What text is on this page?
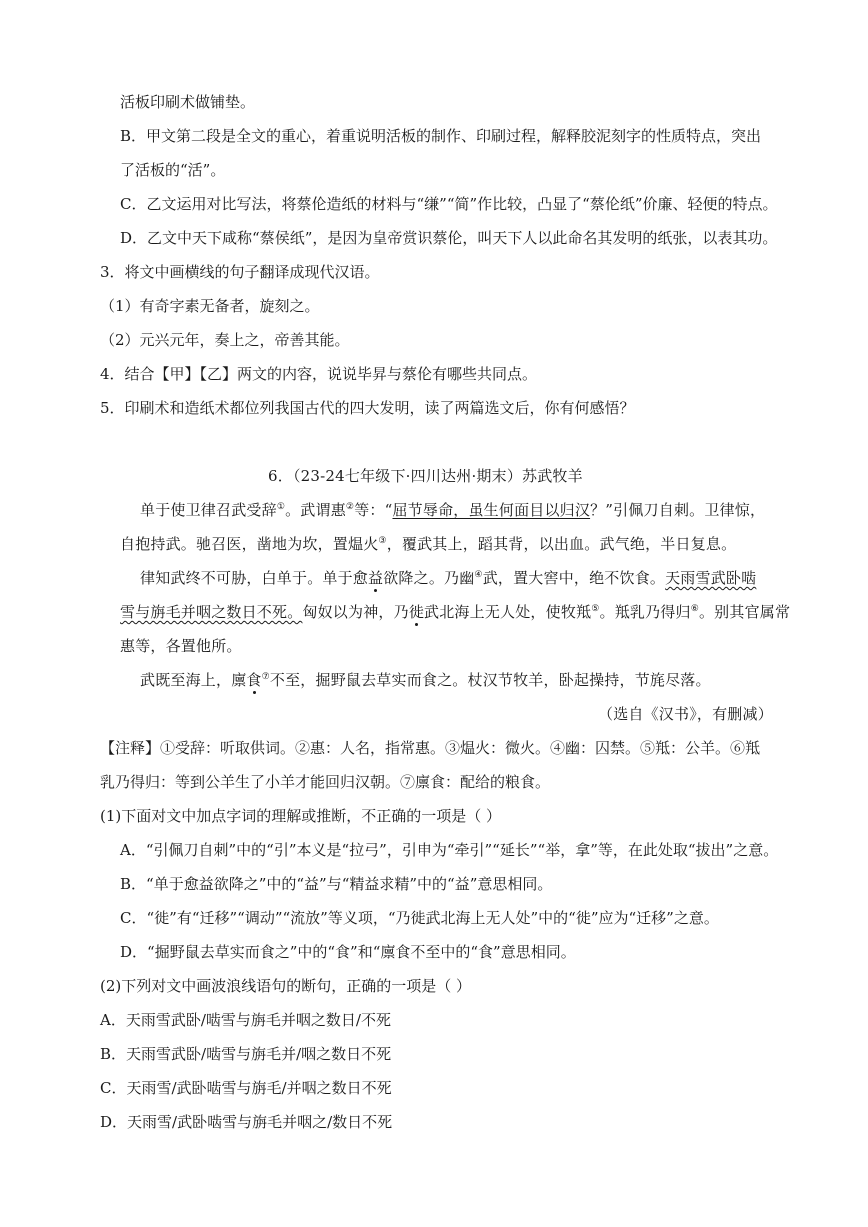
活板印刷术做铺垫。
B．甲文第二段是全文的重心，着重说明活板的制作、印刷过程，解释胶泥刻字的性质特点，突出
了活板的“活”。
C．乙文运用对比写法，将蔡伦造纸的材料与“缣”“简”作比较，凸显了“蔡伦纸”价廉、轻便的特点。
D．乙文中天下咸称“蔡侯纸”，是因为皇帝赏识蔡伦，叫天下人以此命名其发明的纸张，以表其功。
3．将文中画横线的句子翻译成现代汉语。
（1）有奇字素无备者，旋刻之。
（2）元兴元年，奏上之，帝善其能。
4．结合【甲】【乙】两文的内容，说说毕昇与蔡伦有哪些共同点。
5．印刷术和造纸术都位列我国古代的四大发明，读了两篇选文后，你有何感悟？
6．（23-24七年级下·四川达州·期末）苏武牧羊
单于使卫律召武受辞①。武谓惠②等：“屈节辱命，虽生何面目以归汉？”引佩刀自刺。卫律惊，
自抱持武。驰召医，凿地为坎，置煴火③，覆武其上，蹈其背，以出血。武气绝，半日复息。
律知武终不可胁，白单于。单于愈益欲降之。乃幽④武，置大窖中，绝不饮食。天雨雪武卧啮
雪与旃毛并咽之数日不死。匈奴以为神，乃徙武北海上无人处，使牧羝⑤。羝乳乃得归⑥。别其官属常
惠等，各置他所。
武既至海上，廪食⑦不至，掘野鼠去草实而食之。杖汉节牧羊，卧起操持，节旄尽落。
（选自《汉书》，有删减）
【注释】①受辞：听取供词。②惠：人名，指常惠。③煴火：微火。④幽：囚禁。⑤羝：公羊。⑥羝
乳乃得归：等到公羊生了小羊才能回归汉朝。⑦廪食：配给的粮食。
(1)下面对文中加点字词的理解或推断，不正确的一项是（ ）
A．“引佩刀自刺”中的“引”本义是“拉弓”，引申为“牵引”“延长”“举，拿”等，在此处取“拔出”之意。
B．“单于愈益欲降之”中的“益”与“精益求精”中的“益”意思相同。
C．“徙”有“迁移”“调动”“流放”等义项，“乃徙武北海上无人处”中的“徙”应为“迁移”之意。
D．“掘野鼠去草实而食之”中的“食”和“廪食不至中的“食”意思相同。
(2)下列对文中画波浪线语句的断句，正确的一项是（ ）
A．天雨雪武卧/啮雪与旃毛并咽之数日/不死
B．天雨雪武卧/啮雪与旃毛并/咽之数日不死
C．天雨雪/武卧啮雪与旃毛/并咽之数日不死
D．天雨雪/武卧啮雪与旃毛并咽之/数日不死
